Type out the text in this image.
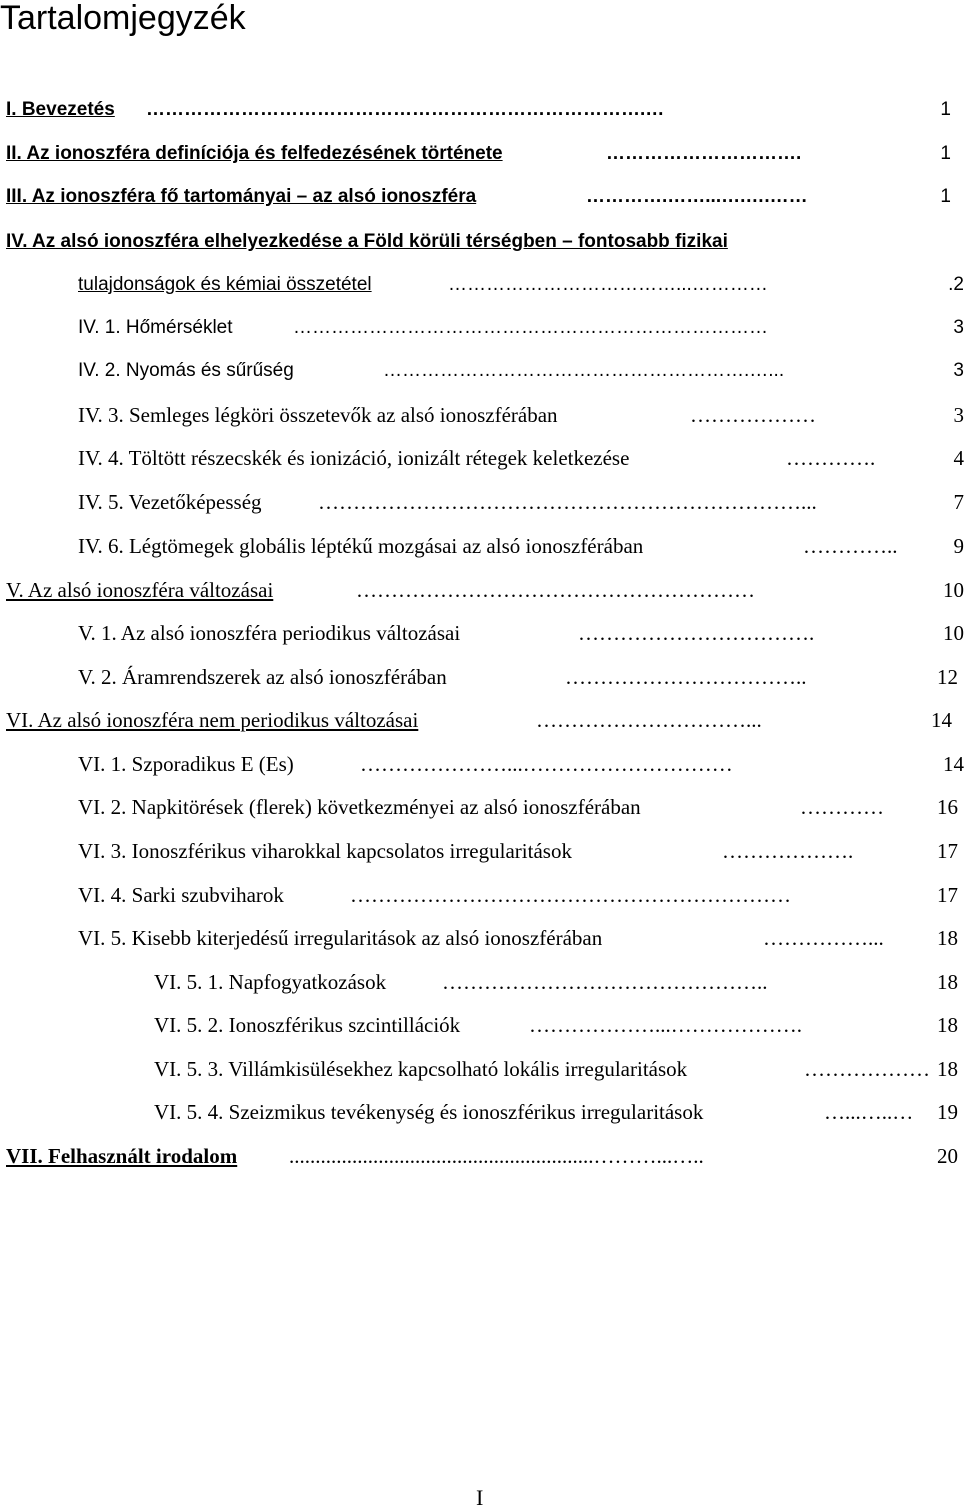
Tartalomjegyzék
I. Bevezetés …………………………………………………………………….…	1
II. Az ionoszféra definíciója és felfedezésének története	………………………….	1
III. Az ionoszféra fő tartományai – az alsó ionoszféra	………….……...….….……	1
IV. Az alsó ionoszféra elhelyezkedése a Föld körüli térségben – fontosabb fizikai
tulajdonságok és kémiai összetétel	………………………………...…………	.2
IV. 1. Hőmérséklet	…………………………………………………………………	3
IV. 2. Nyomás és sűrűség	………………………………………………….…...	3
IV. 3. Semleges légköri összetevők az alsó ionoszférában	………………	3
IV. 4. Töltött részecskék és ionizáció, ionizált rétegek keletkezése	………….	4
IV. 5. Vezetőképesség	……………………………………………………………...	7
IV. 6. Légtömegek globális léptékű mozgásai az alsó ionoszférában	…………..	9
V. Az alsó ionoszféra változásai	…………………………………………………	10
V. 1. Az alsó ionoszféra periodikus változásai	…………………………….	10
V. 2. Áramrendszerek az alsó ionoszférában	……………………………..	12
VI. Az alsó ionoszféra nem periodikus változásai	…………………………...	14
VI. 1. Szporadikus E (Es)	…………………...…………………………	14
VI. 2. Napkitörések (flerek) következményei az alsó ionoszférában	…………	16
VI. 3. Ionoszférikus viharokkal kapcsolatos irregularitások	……………….	17
VI. 4. Sarki szubviharok	………………………………………………………	17
VI. 5. Kisebb kiterjedésű irregularitások az alsó ionoszférában	……………...	18
VI. 5. 1. Napfogyatkozások	………………………………………..	18
VI. 5. 2. Ionoszférikus szcintillációk	………………...……………….	18
VI. 5. 3. Villámkisülésekhez kapcsolható lokális irregularitások	……………… 18
VI. 5. 4. Szeizmikus tevékenység és ionoszférikus irregularitások	…...…..…	19
VII. Felhasznált irodalom ..........................................................………...…..	20
I
